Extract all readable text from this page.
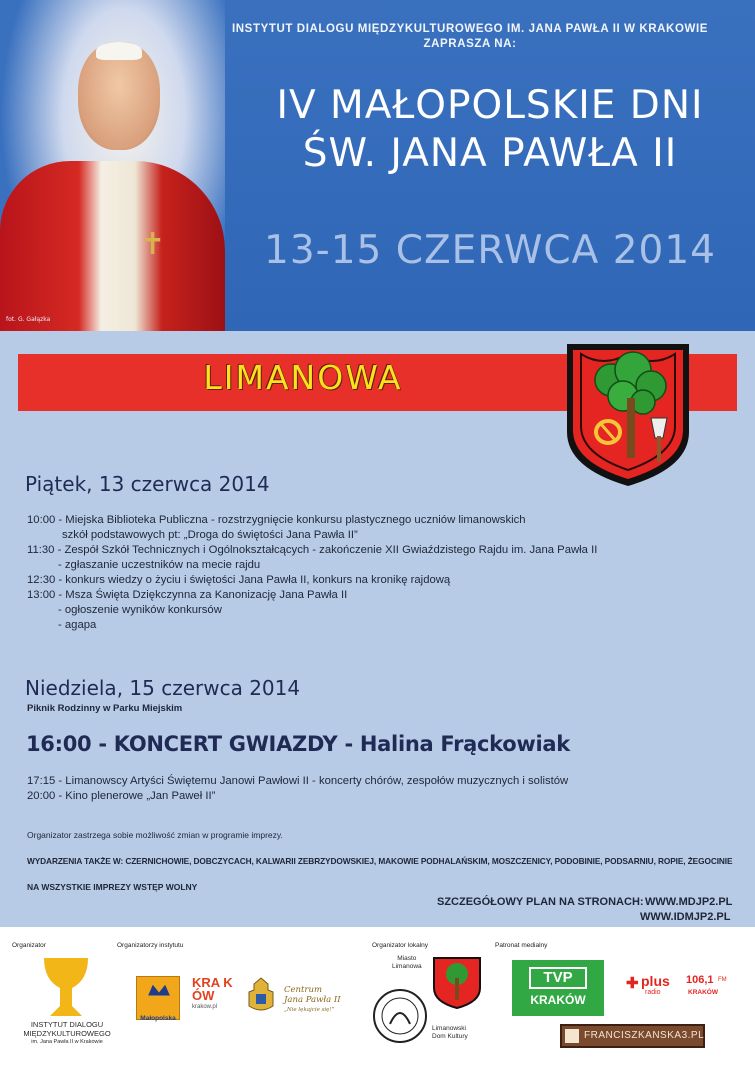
✝
fot. G. Gałązka
INSTYTUT DIALOGU MIĘDZYKULTUROWEGO IM. JANA PAWŁA II W KRAKOWIE
ZAPRASZA NA:
IV MAŁOPOLSKIE DNI
ŚW. JANA PAWŁA II
13-15 CZERWCA 2014
LIMANOWA
Piątek, 13 czerwca 2014
10:00 - Miejska Biblioteka Publiczna - rozstrzygnięcie konkursu plastycznego uczniów limanowskich
szkół podstawowych pt: „Droga do świętości Jana Pawła II”
11:30 - Zespół Szkół Technicznych i Ogólnokształcących - zakończenie XII Gwiaździstego Rajdu im. Jana Pawła II
- zgłaszanie uczestników na mecie rajdu
12:30 - konkurs wiedzy o życiu i świętości Jana Pawła II, konkurs na kronikę rajdową
13:00 - Msza Święta Dziękczynna za Kanonizację Jana Pawła II
- ogłoszenie wyników konkursów
- agapa
Niedziela, 15 czerwca 2014
Piknik Rodzinny w Parku Miejskim
16:00 - KONCERT GWIAZDY - Halina Frąckowiak
17:15 - Limanowscy Artyści Świętemu Janowi Pawłowi II - koncerty chórów, zespołów muzycznych i solistów
20:00 - Kino plenerowe „Jan Paweł II”
Organizator zastrzega sobie możliwość zmian w programie imprezy.
WYDARZENIA TAKŻE W: CZERNICHOWIE, DOBCZYCACH, KALWARII ZEBRZYDOWSKIEJ, MAKOWIE PODHALAŃSKIM, MOSZCZENICY, PODOBINIE, PODSARNIU, ROPIE, ŻEGOCINIE
NA WSZYSTKIE IMPREZY WSTĘP WOLNY
SZCZEGÓŁOWY PLAN NA STRONACH: WWW.MDJP2.PL
WWW.IDMJP2.PL
Organizator	Organizatorzy instytutu	Organizator lokalny	Patronat medialny
INSTYTUT DIALOGU
MIĘDZYKULTUROWEGO
im. Jana Pawła II w Krakowie
Małopolska
KRA KÓW
krakow.pl
Centrum
Jana Pawła II
„Nie lękajcie się!”
Miasto
Limanowa
Limanowski
Dom Kultury
TVP
KRAKÓW
✚ plus
radio
106,1 FM
KRAKÓW
FRANCISZKANSKA3.PL
